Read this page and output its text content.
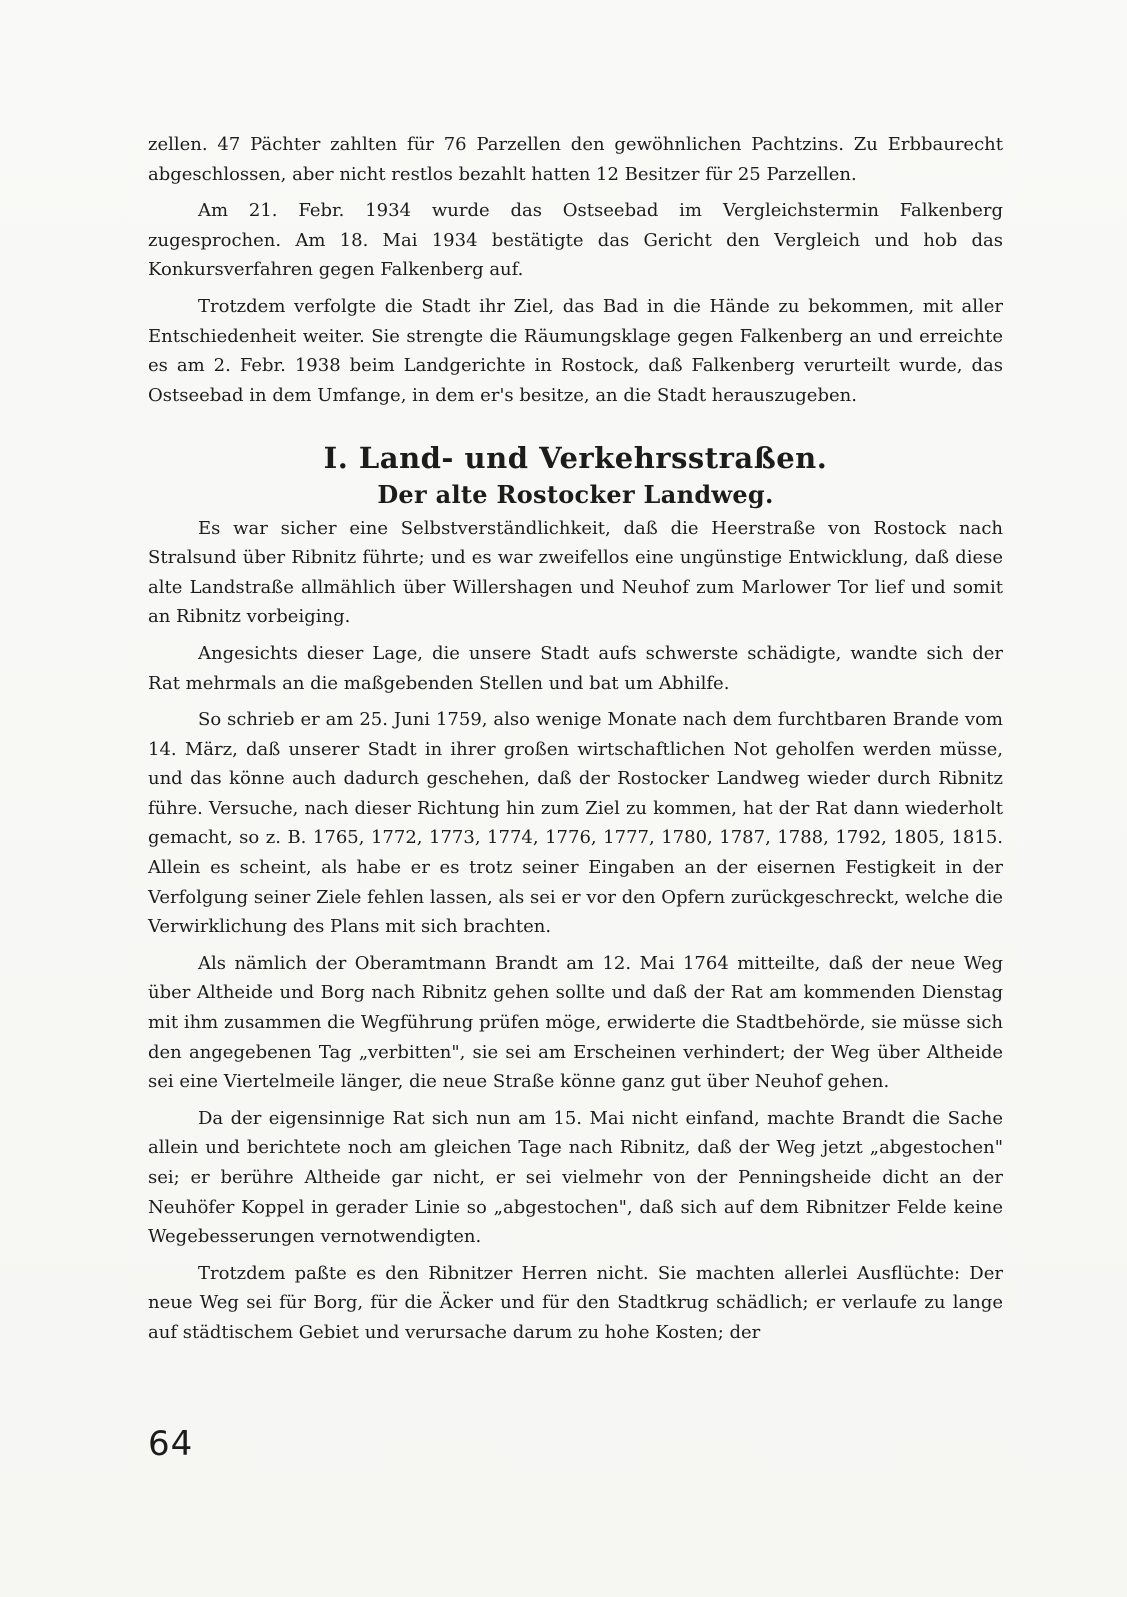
zellen. 47 Pächter zahlten für 76 Parzellen den gewöhnlichen Pachtzins. Zu Erbbaurecht abgeschlossen, aber nicht restlos bezahlt hatten 12 Besitzer für 25 Parzellen.

Am 21. Febr. 1934 wurde das Ostseebad im Vergleichstermin Falkenberg zugesprochen. Am 18. Mai 1934 bestätigte das Gericht den Vergleich und hob das Konkursverfahren gegen Falkenberg auf.

Trotzdem verfolgte die Stadt ihr Ziel, das Bad in die Hände zu bekommen, mit aller Entschiedenheit weiter. Sie strengte die Räumungsklage gegen Falkenberg an und erreichte es am 2. Febr. 1938 beim Landgerichte in Rostock, daß Falkenberg verurteilt wurde, das Ostseebad in dem Umfange, in dem er's besitze, an die Stadt herauszugeben.

I. Land- und Verkehrsstraßen.
Der alte Rostocker Landweg.

Es war sicher eine Selbstverständlichkeit, daß die Heerstraße von Rostock nach Stralsund über Ribnitz führte; und es war zweifellos eine ungünstige Entwicklung, daß diese alte Landstraße allmählich über Willershagen und Neuhof zum Marlower Tor lief und somit an Ribnitz vorbeiging.

Angesichts dieser Lage, die unsere Stadt aufs schwerste schädigte, wandte sich der Rat mehrmals an die maßgebenden Stellen und bat um Abhilfe.

So schrieb er am 25. Juni 1759, also wenige Monate nach dem furchtbaren Brande vom 14. März, daß unserer Stadt in ihrer großen wirtschaftlichen Not geholfen werden müsse, und das könne auch dadurch geschehen, daß der Rostocker Landweg wieder durch Ribnitz führe. Versuche, nach dieser Richtung hin zum Ziel zu kommen, hat der Rat dann wiederholt gemacht, so z. B. 1765, 1772, 1773, 1774, 1776, 1777, 1780, 1787, 1788, 1792, 1805, 1815. Allein es scheint, als habe er es trotz seiner Eingaben an der eisernen Festigkeit in der Verfolgung seiner Ziele fehlen lassen, als sei er vor den Opfern zurückgeschreckt, welche die Verwirklichung des Plans mit sich brachten.

Als nämlich der Oberamtmann Brandt am 12. Mai 1764 mitteilte, daß der neue Weg über Altheide und Borg nach Ribnitz gehen sollte und daß der Rat am kommenden Dienstag mit ihm zusammen die Wegführung prüfen möge, erwiderte die Stadtbehörde, sie müsse sich den angegebenen Tag „verbitten", sie sei am Erscheinen verhindert; der Weg über Altheide sei eine Viertelmeile länger, die neue Straße könne ganz gut über Neuhof gehen.

Da der eigensinnige Rat sich nun am 15. Mai nicht einfand, machte Brandt die Sache allein und berichtete noch am gleichen Tage nach Ribnitz, daß der Weg jetzt „abgestochen" sei; er berühre Altheide gar nicht, er sei vielmehr von der Penningsheide dicht an der Neuhöfer Koppel in gerader Linie so „abgestochen", daß sich auf dem Ribnitzer Felde keine Wegebesserungen vernotwendigten.

Trotzdem paßte es den Ribnitzer Herren nicht. Sie machten allerlei Ausflüchte: Der neue Weg sei für Borg, für die Äcker und für den Stadtkrug schädlich; er verlaufe zu lange auf städtischem Gebiet und verursache darum zu hohe Kosten; der

64
